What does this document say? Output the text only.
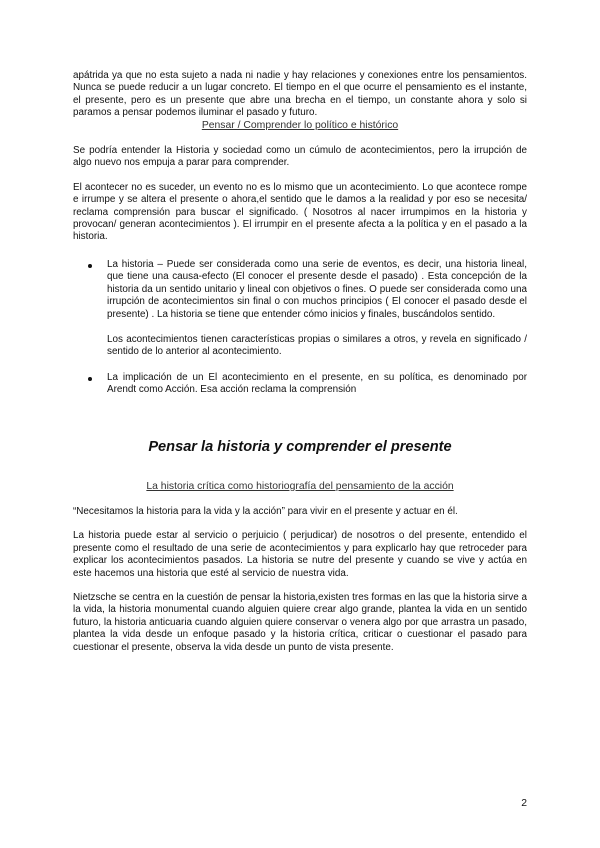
apátrida ya que no esta sujeto a nada ni nadie y hay relaciones y conexiones entre los pensamientos. Nunca se puede reducir a un lugar concreto. El tiempo en el que ocurre el pensamiento es el instante, el presente, pero es un presente que abre una brecha en el tiempo, un constante ahora y solo si paramos a pensar podemos iluminar el pasado y futuro.

Pensar / Comprender lo político e histórico

Se podría entender la Historia y sociedad como un cúmulo de acontecimientos, pero la irrupción de algo nuevo nos empuja a parar para comprender.

El acontecer no es suceder, un evento no es lo mismo que un acontecimiento. Lo que acontece rompe e irrumpe y se altera el presente o ahora,el sentido que le damos a la realidad y por eso se necesita/ reclama comprensión para buscar el significado. ( Nosotros al nacer irrumpimos en la historia y provocan/ generan acontecimientos ). El irrumpir en el presente afecta a la política y en el pasado a la historia.

La historia – Puede ser considerada como una serie de eventos, es decir, una historia lineal, que tiene una causa-efecto (El conocer el presente desde el pasado) . Esta concepción de la historia da un sentido unitario y lineal con objetivos o fines. O puede ser considerada como una irrupción de acontecimientos sin final o con muchos principios ( El conocer el pasado desde el presente) . La historia se tiene que entender cómo inicios y finales, buscándolos sentido.

Los acontecimientos tienen características propias o similares a otros, y revela en significado / sentido de lo anterior al acontecimiento.

La implicación de un El acontecimiento en el presente, en su política, es denominado por Arendt como Acción. Esa acción reclama la comprensión

Pensar la historia y comprender el presente

La historia crítica como historiografía del pensamiento de la acción

“Necesitamos la historia para la vida y la acción” para vivir en el presente y actuar en él.

La historia puede estar al servicio o perjuicio ( perjudicar) de nosotros o del presente, entendido el presente como el resultado de una serie de acontecimientos y para explicarlo hay que retroceder para explicar los acontecimientos pasados. La historia se nutre del presente y cuando se vive y actúa en este hacemos una historia que esté al servicio de nuestra vida.

Nietzsche se centra en la cuestión de pensar la historia,existen tres formas en las que la historia sirve a la vida, la historia monumental cuando alguien quiere crear algo grande, plantea la vida en un sentido futuro, la historia anticuaria cuando alguien quiere conservar o venera algo por que arrastra un pasado, plantea la vida desde un enfoque pasado y la historia crítica, criticar o cuestionar el pasado para cuestionar el presente, observa la vida desde un punto de vista presente.

2
